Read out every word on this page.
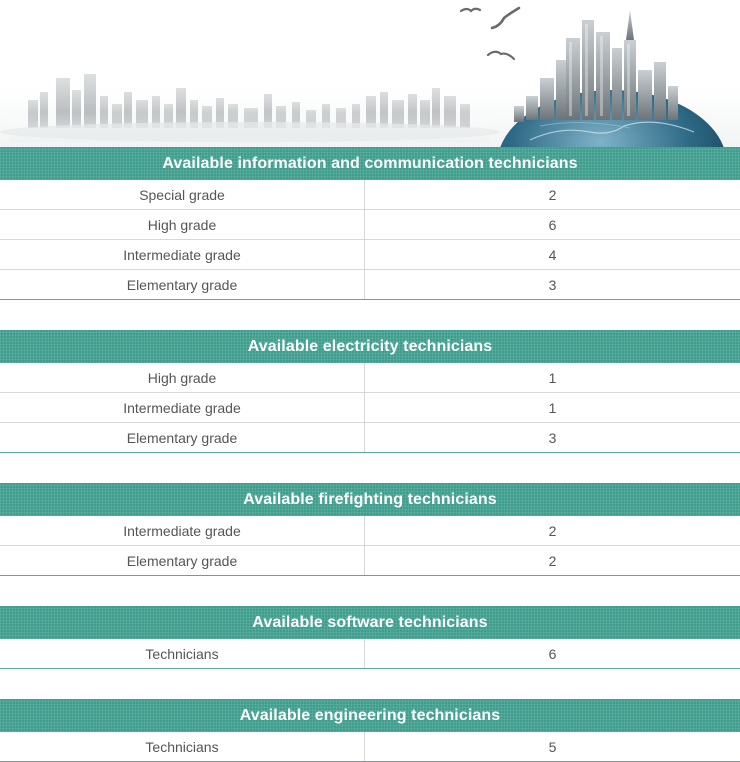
Available information and communication technicians
Special grade	2
High grade	6
Intermediate grade	4
Elementary grade	3
Available electricity technicians
High grade	1
Intermediate grade	1
Elementary grade	3
Available firefighting technicians
Intermediate grade	2
Elementary grade	2
Available software technicians
Technicians	6
Available engineering technicians
Technicians	5
